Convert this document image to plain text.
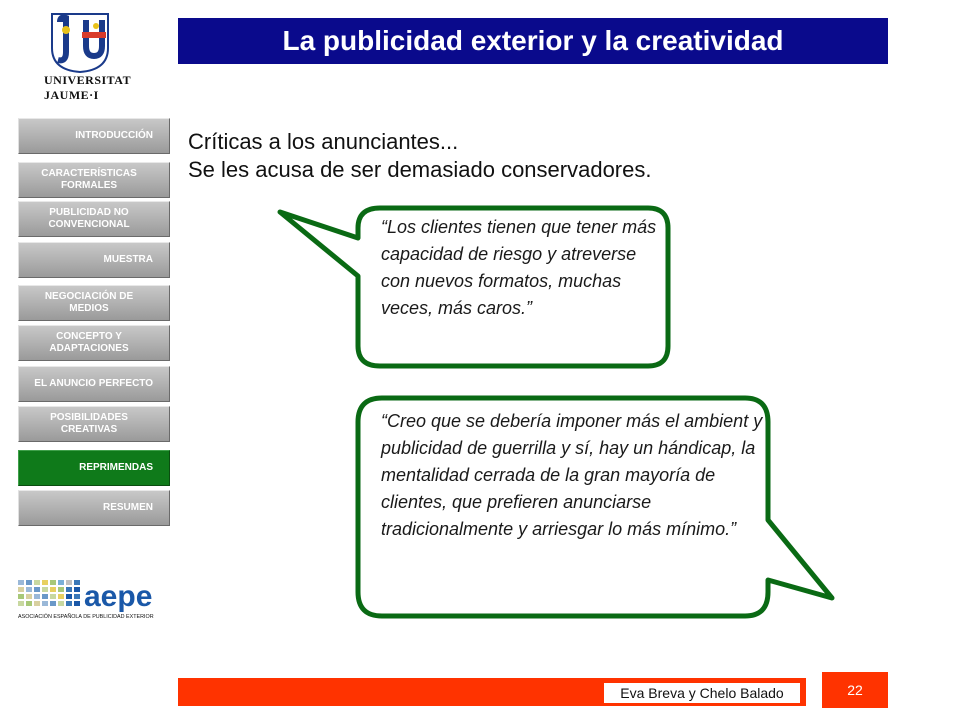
La publicidad exterior y la creatividad
UNIVERSITAT
JAUME·I
INTRODUCCIÓN
CARACTERÍSTICAS FORMALES
PUBLICIDAD NO CONVENCIONAL
MUESTRA
NEGOCIACIÓN DE MEDIOS
CONCEPTO Y ADAPTACIONES
EL ANUNCIO PERFECTO
POSIBILIDADES CREATIVAS
REPRIMENDAS
RESUMEN
aepe
ASOCIACIÓN ESPAÑOLA DE PUBLICIDAD EXTERIOR
Críticas a los anunciantes...
Se les acusa de ser demasiado conservadores.
“Los clientes tienen que tener más capacidad de riesgo y atreverse con nuevos formatos, muchas veces, más caros.”
“Creo que se debería imponer más el ambient y publicidad de guerrilla y sí, hay un hándicap, la mentalidad cerrada de la gran mayoría de clientes, que prefieren anunciarse tradicionalmente y arriesgar lo más mínimo.”
Eva Breva y Chelo Balado	22
